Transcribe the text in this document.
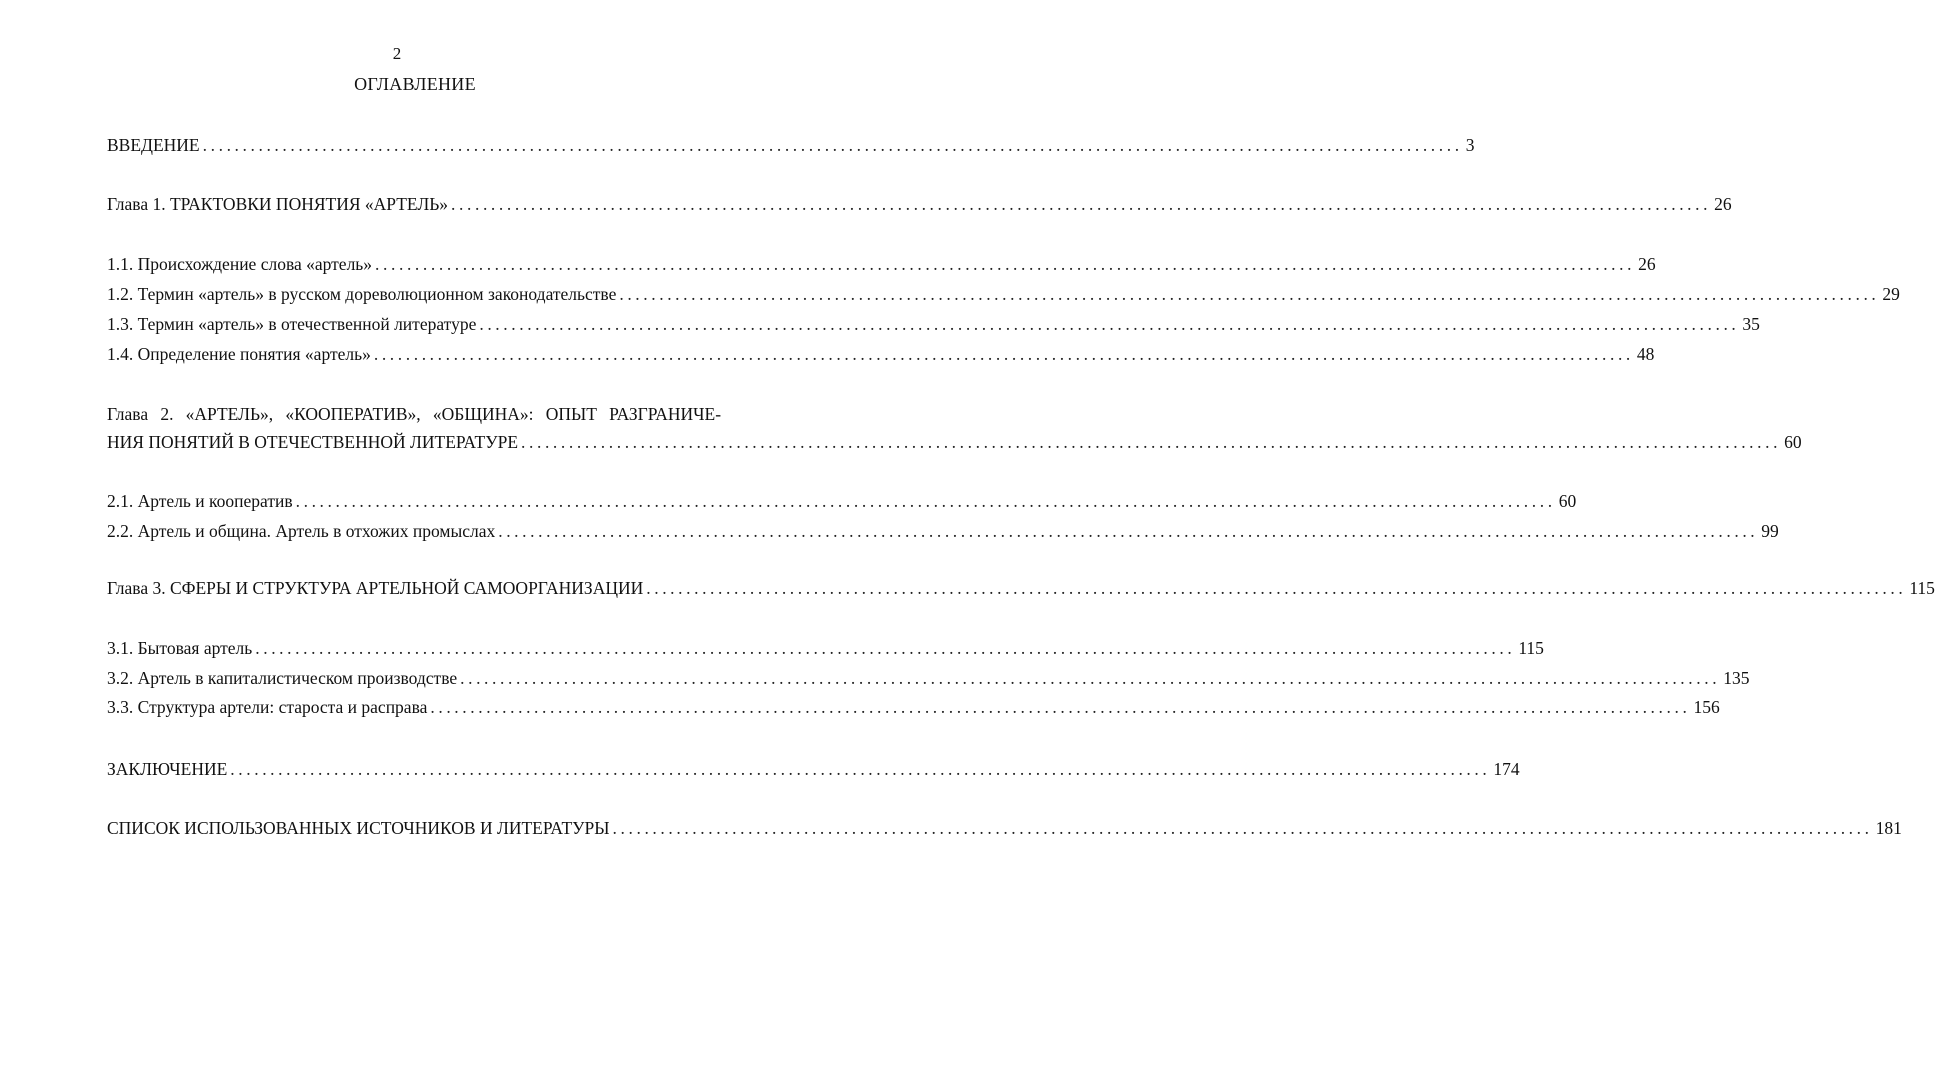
2
ОГЛАВЛЕНИЕ
ВВЕДЕНИЕ .............................................................................................................................................................. 3
Глава 1. ТРАКТОВКИ ПОНЯТИЯ «АРТЕЛЬ» .............................................................................................................................................................. 26
1.1. Происхождение слова «артель» .............................................................................................................................................................. 26
1.2. Термин «артель» в русском дореволюционном законодательстве .............................................................................................................................................................. 29
1.3. Термин «артель» в отечественной литературе .............................................................................................................................................................. 35
1.4. Определение понятия «артель» .............................................................................................................................................................. 48
Глава 2. «АРТЕЛЬ», «КООПЕРАТИВ», «ОБЩИНА»: ОПЫТ РАЗГРАНИЧЕ-
НИЯ ПОНЯТИЙ В ОТЕЧЕСТВЕННОЙ ЛИТЕРАТУРЕ .............................................................................................................................................................. 60
2.1. Артель и кооператив .............................................................................................................................................................. 60
2.2. Артель и община. Артель в отхожих промыслах .............................................................................................................................................................. 99
Глава 3. СФЕРЫ И СТРУКТУРА АРТЕЛЬНОЙ САМООРГАНИЗАЦИИ .............................................................................................................................................................. 115
3.1. Бытовая артель .............................................................................................................................................................. 115
3.2. Артель в капиталистическом производстве .............................................................................................................................................................. 135
3.3. Структура артели: староста и расправа .............................................................................................................................................................. 156
ЗАКЛЮЧЕНИЕ .............................................................................................................................................................. 174
СПИСОК ИСПОЛЬЗОВАННЫХ ИСТОЧНИКОВ И ЛИТЕРАТУРЫ .............................................................................................................................................................. 181
